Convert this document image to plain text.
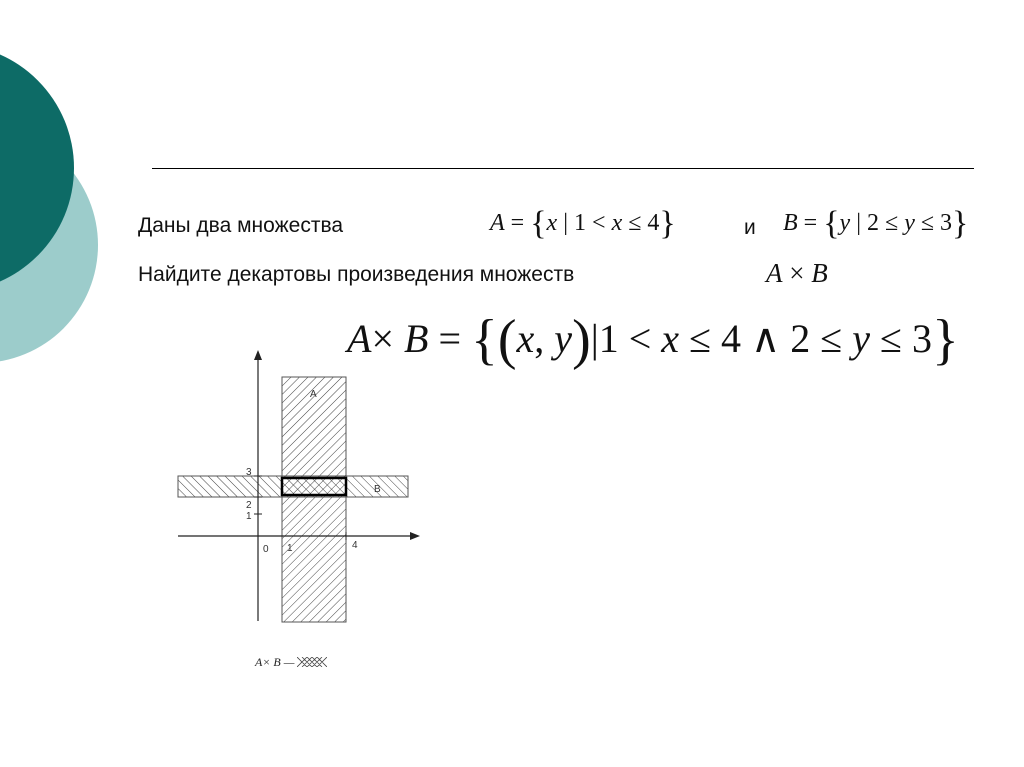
Даны два множества	A = {x | 1 < x ≤ 4}	и B = {y | 2 ≤ y ≤ 3}
Найдите декартовы произведения множеств	A × B
A× B = {(x, y)|1 < x ≤ 4 ∧ 2 ≤ y ≤ 3}
A
B
0 1	4
1
2
3
A× B —
